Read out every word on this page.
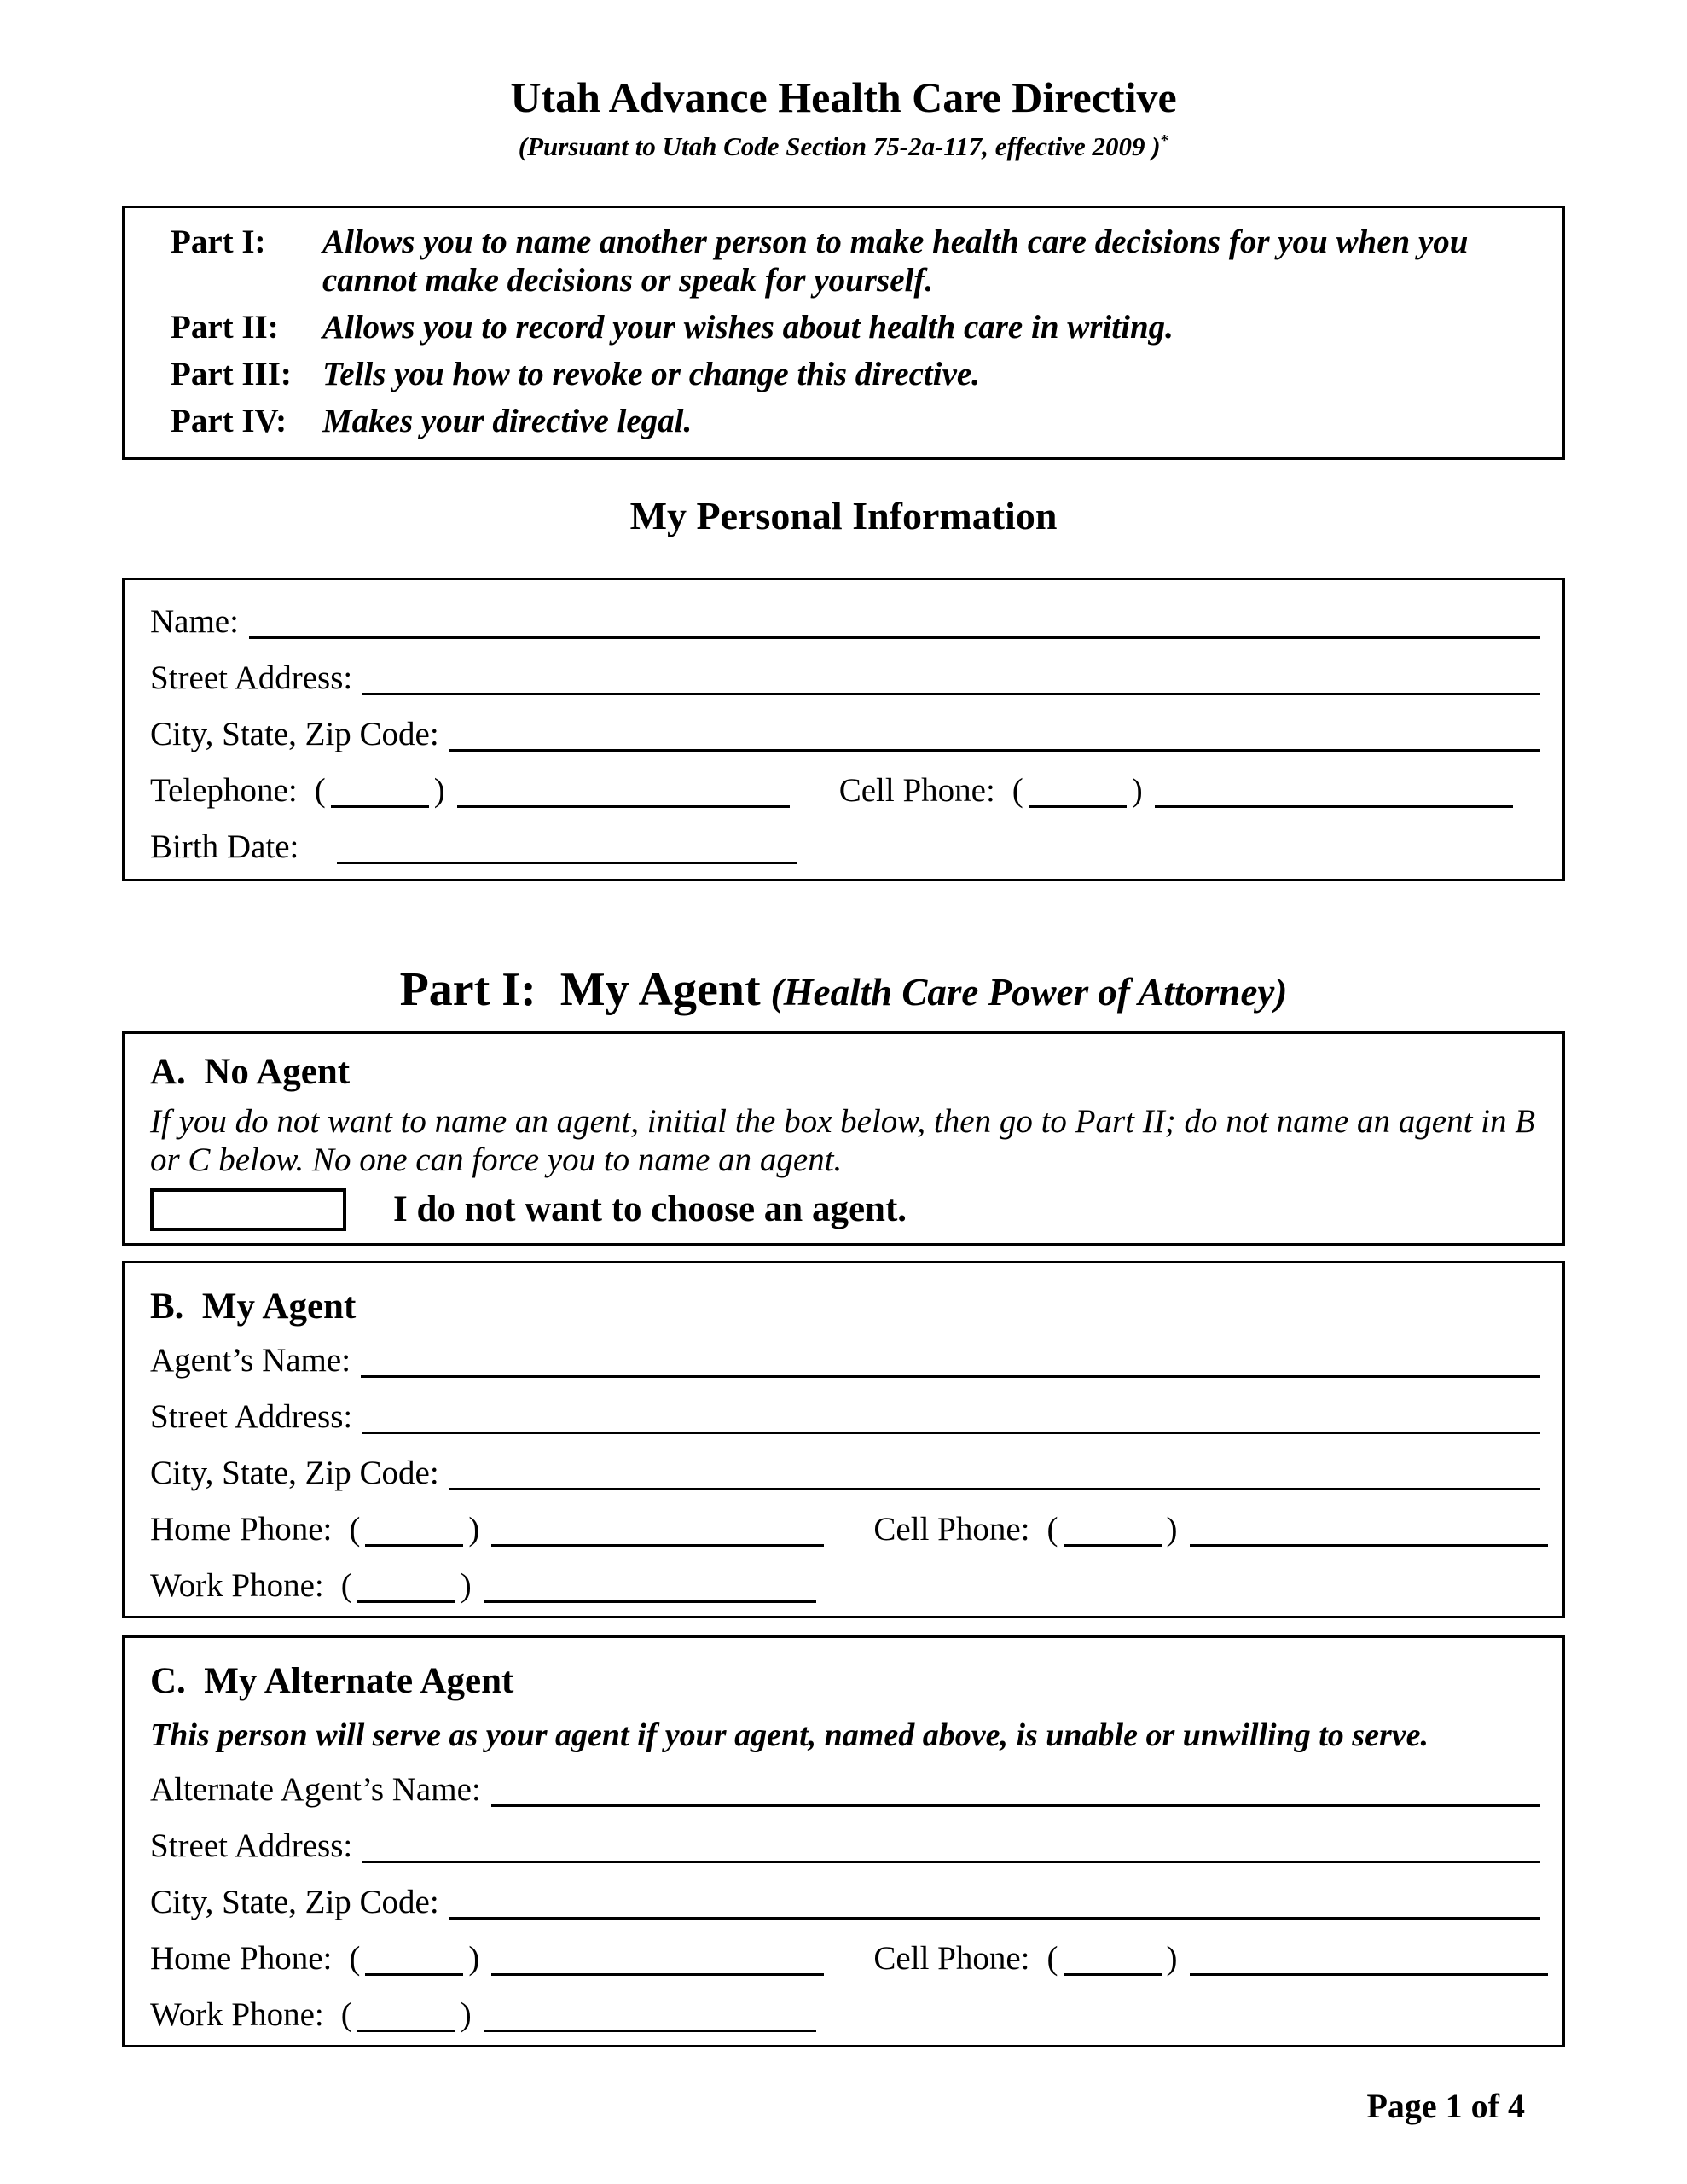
Utah Advance Health Care Directive
(Pursuant to Utah Code Section 75-2a-117, effective 2009 )*
Part I:	Allows you to name another person to make health care decisions for you when you cannot make decisions or speak for yourself.
Part II:	Allows you to record your wishes about health care in writing.
Part III: Tells you how to revoke or change this directive.
Part IV:	Makes your directive legal.
My Personal Information
Name:
Street Address:
City, State, Zip Code:
Telephone: (	)	Cell Phone: (	)
Birth Date:
Part I:  My Agent (Health Care Power of Attorney)
A.  No Agent
If you do not want to name an agent, initial the box below, then go to Part II; do not name an agent in B or C below. No one can force you to name an agent.
I do not want to choose an agent.
B.  My Agent
Agent’s Name:
Street Address:
City, State, Zip Code:
Home Phone: (	)	Cell Phone: (	)
Work Phone: (	)
C.  My Alternate Agent
This person will serve as your agent if your agent, named above, is unable or unwilling to serve.
Alternate Agent’s Name:
Street Address:
City, State, Zip Code:
Home Phone: (	)	Cell Phone: (	)
Work Phone: (	)
Page 1 of 4
